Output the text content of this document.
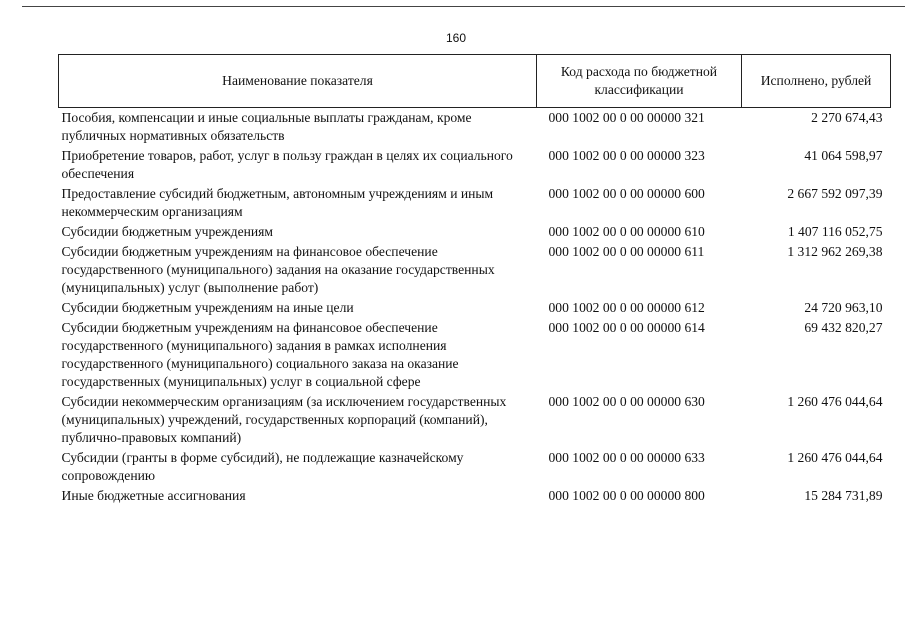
160
Наименование показателя	Код расхода по бюджетной классификации	Исполнено, рублей
Пособия, компенсации и иные социальные выплаты гражданам, кроме публичных нормативных обязательств	000 1002 00 0 00 00000 321	2 270 674,43
Приобретение товаров, работ, услуг в пользу граждан в целях их социального обеспечения	000 1002 00 0 00 00000 323	41 064 598,97
Предоставление субсидий бюджетным, автономным учреждениям и иным некоммерческим организациям	000 1002 00 0 00 00000 600	2 667 592 097,39
Субсидии бюджетным учреждениям	000 1002 00 0 00 00000 610	1 407 116 052,75
Субсидии бюджетным учреждениям на финансовое обеспечение государственного (муниципального) задания на оказание государственных (муниципальных) услуг (выполнение работ)	000 1002 00 0 00 00000 611	1 312 962 269,38
Субсидии бюджетным учреждениям на иные цели	000 1002 00 0 00 00000 612	24 720 963,10
Субсидии бюджетным учреждениям на финансовое обеспечение государственного (муниципального) задания в рамках исполнения государственного (муниципального) социального заказа на оказание государственных (муниципальных) услуг в социальной сфере	000 1002 00 0 00 00000 614	69 432 820,27
Субсидии некоммерческим организациям (за исключением государственных (муниципальных) учреждений, государственных корпораций (компаний), публично-правовых компаний)	000 1002 00 0 00 00000 630	1 260 476 044,64
Субсидии (гранты в форме субсидий), не подлежащие казначейскому сопровождению	000 1002 00 0 00 00000 633	1 260 476 044,64
Иные бюджетные ассигнования	000 1002 00 0 00 00000 800	15 284 731,89
